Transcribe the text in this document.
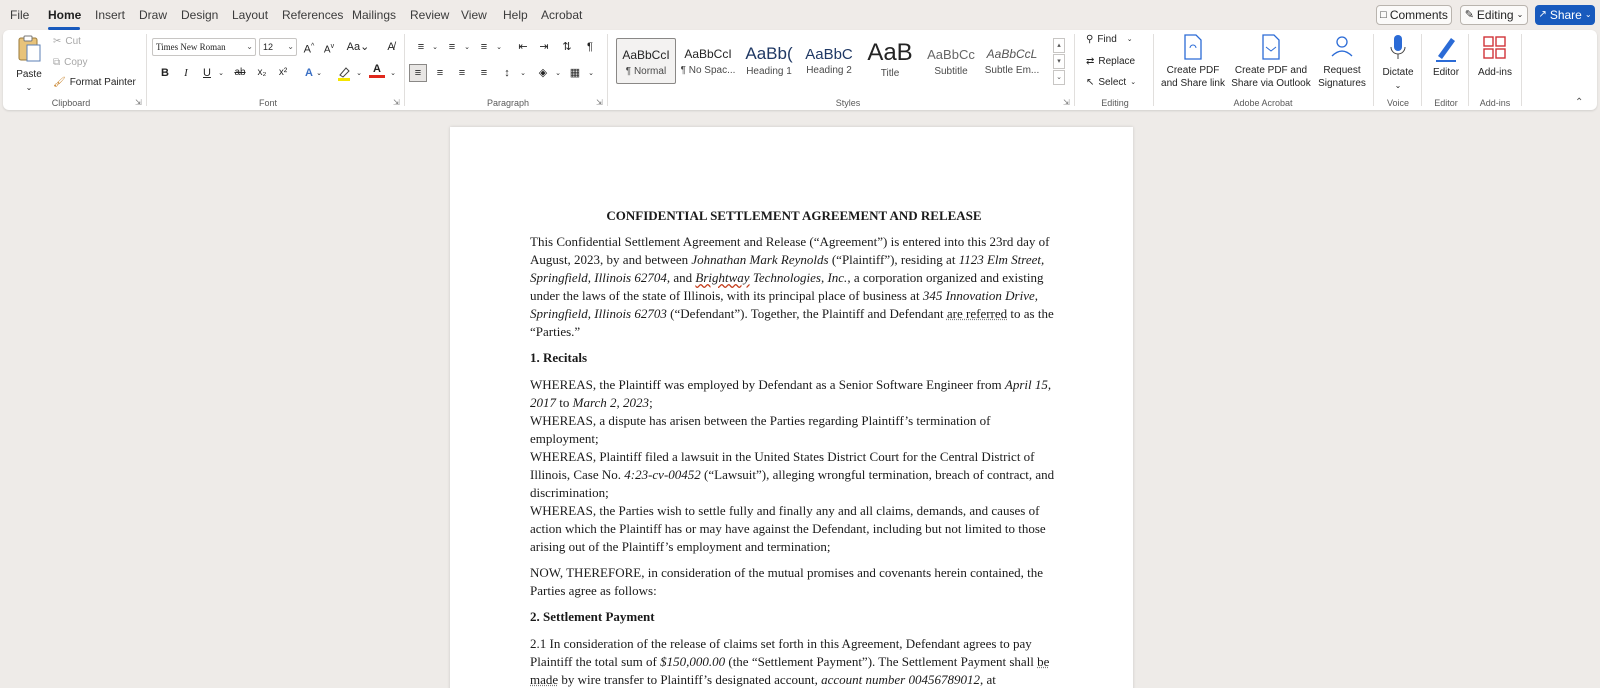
File Home Insert Draw Design Layout References Mailings Review View Help Acrobat	□ Comments ✎ Editing ⌄ ↗ Share ⌄
Paste
⌄
✂ Cut
⧉ Copy
🖌 Format Painter
Clipboard	⇲
Times New Roman	⌄ 12 ⌄ A^ $A^v$ Aa⌄	A̸
B	I	U	⌄	ab	x₂	x²	A ⌄	⌄	A	⌄
Font	⇲
≡	⌄ ≡	⌄ ≡	⌄	⇤	⇥	⇅	¶
≡	≡	≡	≡	↕	⌄	◈	⌄ ▦	⌄
Paragraph	⇲
AaBbCcI
¶ Normal
AaBbCcI
¶ No Spac...
AaBb(
Heading 1
AaBbC
Heading 2
AaB
Title
AaBbCc
Subtitle
AaBbCcL
Subtle Em...
▴
▾
⌄
Styles	⇲
⚲ Find ⌄
⇄ Replace
↖ Select ⌄
Editing
Create PDF
and Share link
Create PDF and
Share via Outlook
Request
Signatures
Adobe Acrobat
Dictate
⌄
Voice
Editor
Editor
Add-ins
Add-ins	⌃

CONFIDENTIAL SETTLEMENT AGREEMENT AND RELEASE

This Confidential Settlement Agreement and Release (“Agreement”) is entered into this 23rd day of August, 2023, by and between Johnathan Mark Reynolds (“Plaintiff”), residing at 1123 Elm Street, Springfield, Illinois 62704, and Brightway Technologies, Inc., a corporation organized and existing under the laws of the state of Illinois, with its principal place of business at 345 Innovation Drive, Springfield, Illinois 62703 (“Defendant”). Together, the Plaintiff and Defendant are referred to as the “Parties.”

1. Recitals

WHEREAS, the Plaintiff was employed by Defendant as a Senior Software Engineer from April 15, 2017 to March 2, 2023;

WHEREAS, a dispute has arisen between the Parties regarding Plaintiff’s termination of employment;

WHEREAS, Plaintiff filed a lawsuit in the United States District Court for the Central District of Illinois, Case No. 4:23-cv-00452 (“Lawsuit”), alleging wrongful termination, breach of contract, and discrimination;

WHEREAS, the Parties wish to settle fully and finally any and all claims, demands, and causes of action which the Plaintiff has or may have against the Defendant, including but not limited to those arising out of the Plaintiff’s employment and termination;

NOW, THEREFORE, in consideration of the mutual promises and covenants herein contained, the Parties agree as follows:

2. Settlement Payment

2.1 In consideration of the release of claims set forth in this Agreement, Defendant agrees to pay Plaintiff the total sum of $150,000.00 (the “Settlement Payment”). The Settlement Payment shall be made by wire transfer to Plaintiff’s designated account, account number 00456789012, at
